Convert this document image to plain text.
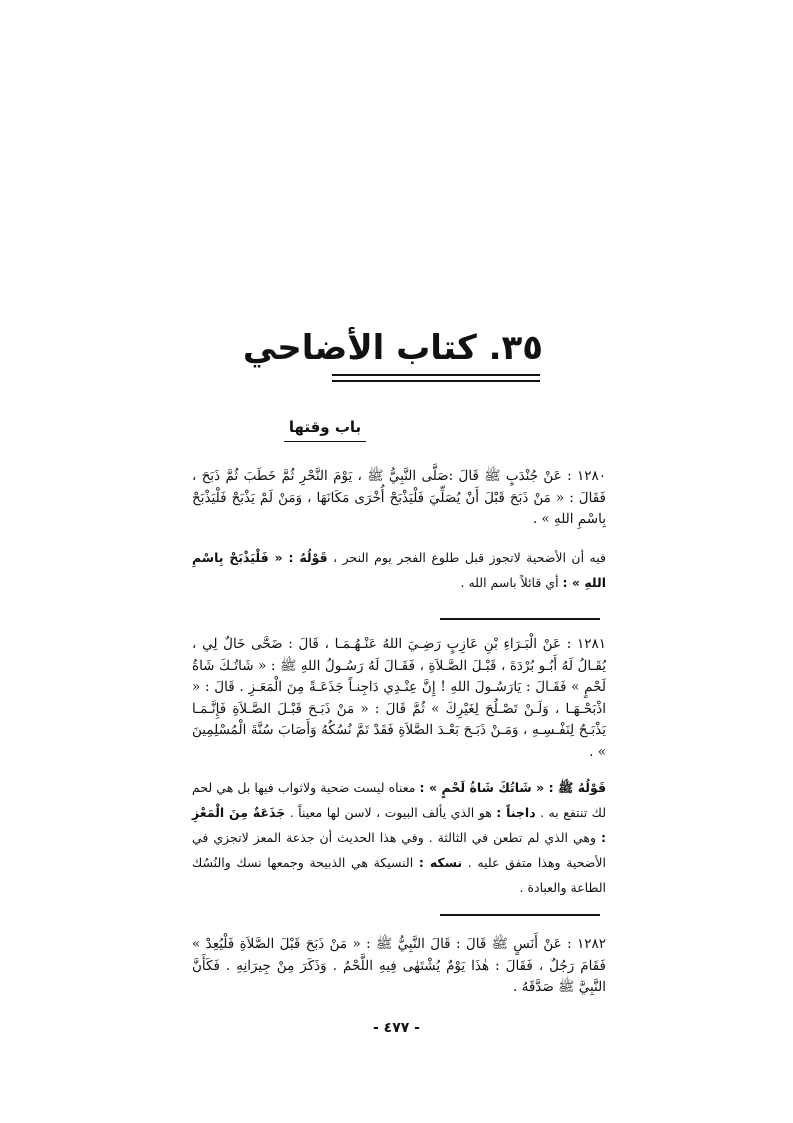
٣٥. كتاب الأضاحي
باب وقتها
١٢٨٠ : عَنْ جُنْدَبٍ ﷺ قَالَ :صَلَّى النَّبِيُّ ﷺ ، يَوْمَ النَّحْرِ ثُمَّ خَطَبَ ثُمَّ ذَبَحَ ، فَقَالَ : « مَنْ ذَبَحَ قَبْلَ أَنْ يُصَلِّيَ فَلْيَذْبَحْ أُخْرَى مَكَانَهَا ، وَمَنْ لَمْ يَذْبَحْ فَلْيَذْبَحْ بِاسْمِ اللهِ » .
فيه أن الأضحية لاتجوز قبل طلوع الفجر يوم النحر ، قَوْلُهُ : « فَلْيَذْبَحْ بِاسْمِ اللهِ » : أي قائلاً باسم الله .
١٢٨١ : عَنْ الْبَـرَاءِ بْنِ عَازِبٍ رَضِـيَ اللهُ عَنْـهُـمَـا ، قَالَ : ضَحَّى خَالٌ لِي ، يُقَـالُ لَهُ أَبُـو بُرْدَةَ ، قَبْـلَ الصَّـلاَةِ ، فَقَـالَ لَهُ رَسُـولُ اللهِ ﷺ : « شَاتُـكَ شَاةُ لَحْمٍ » فَقَـالَ : يَارَسُـولَ اللهِ ! إِنَّ عِنْـدِي دَاجِنـاً جَذَعَـةً مِنَ الْمَعَـزِ . قَالَ : « اذْبَحْـهَـا ، وَلَـنْ تَصْـلُحَ لِغَيْرِكَ » ثُمَّ قَالَ : « مَنْ ذَبَـحَ قَبْـلَ الصَّـلاَةِ فَإِنَّـمَـا يَذْبَـحُ لِنَفْـسِـهِ ، وَمَـنْ ذَبَـحَ بَعْـدَ الصَّلاَةِ فَقَدْ تَمَّ نُسُكُهُ وَأَصَابَ سُنَّةَ الْمُسْلِمِينَ » .
قَوْلُهُ ﷺ : « شَاتُكَ شَاةُ لَحْمٍ » : معناه ليست ضحية ولاثواب فيها بل هي لحم لك تنتفع به . داجناً : هو الذي يألف البيوت ، لاسن لها معيناً . جَذَعَةٌ مِنَ الْمَعْزِ : وهي الذي لم تطعن في الثالثة . وفي هذا الحديث أن جذعة المعز لاتجزي في الأضحية وهذا متفق عليه . نسكه : النسيكة هي الذبيحة وجمعها نسك والنُسُك الطاعة والعبادة .
١٢٨٢ : عَنْ أَنَسٍ ﷺ قَالَ : قَالَ النَّبِيُّ ﷺ : « مَنْ ذَبَحَ قَبْلَ الصَّلاَةِ فَلْيُعِدْ » فَقَامَ رَجُلٌ ، فَقَالَ : هٰذَا يَوْمٌ يُشْتَهٰى فِيهِ اللَّحْمُ . وَذَكَرَ مِنْ جِيرَانِهِ . فَكَأَنَّ النَّبِيَّ ﷺ صَدَّقَهُ .
- ٤٧٧ -
